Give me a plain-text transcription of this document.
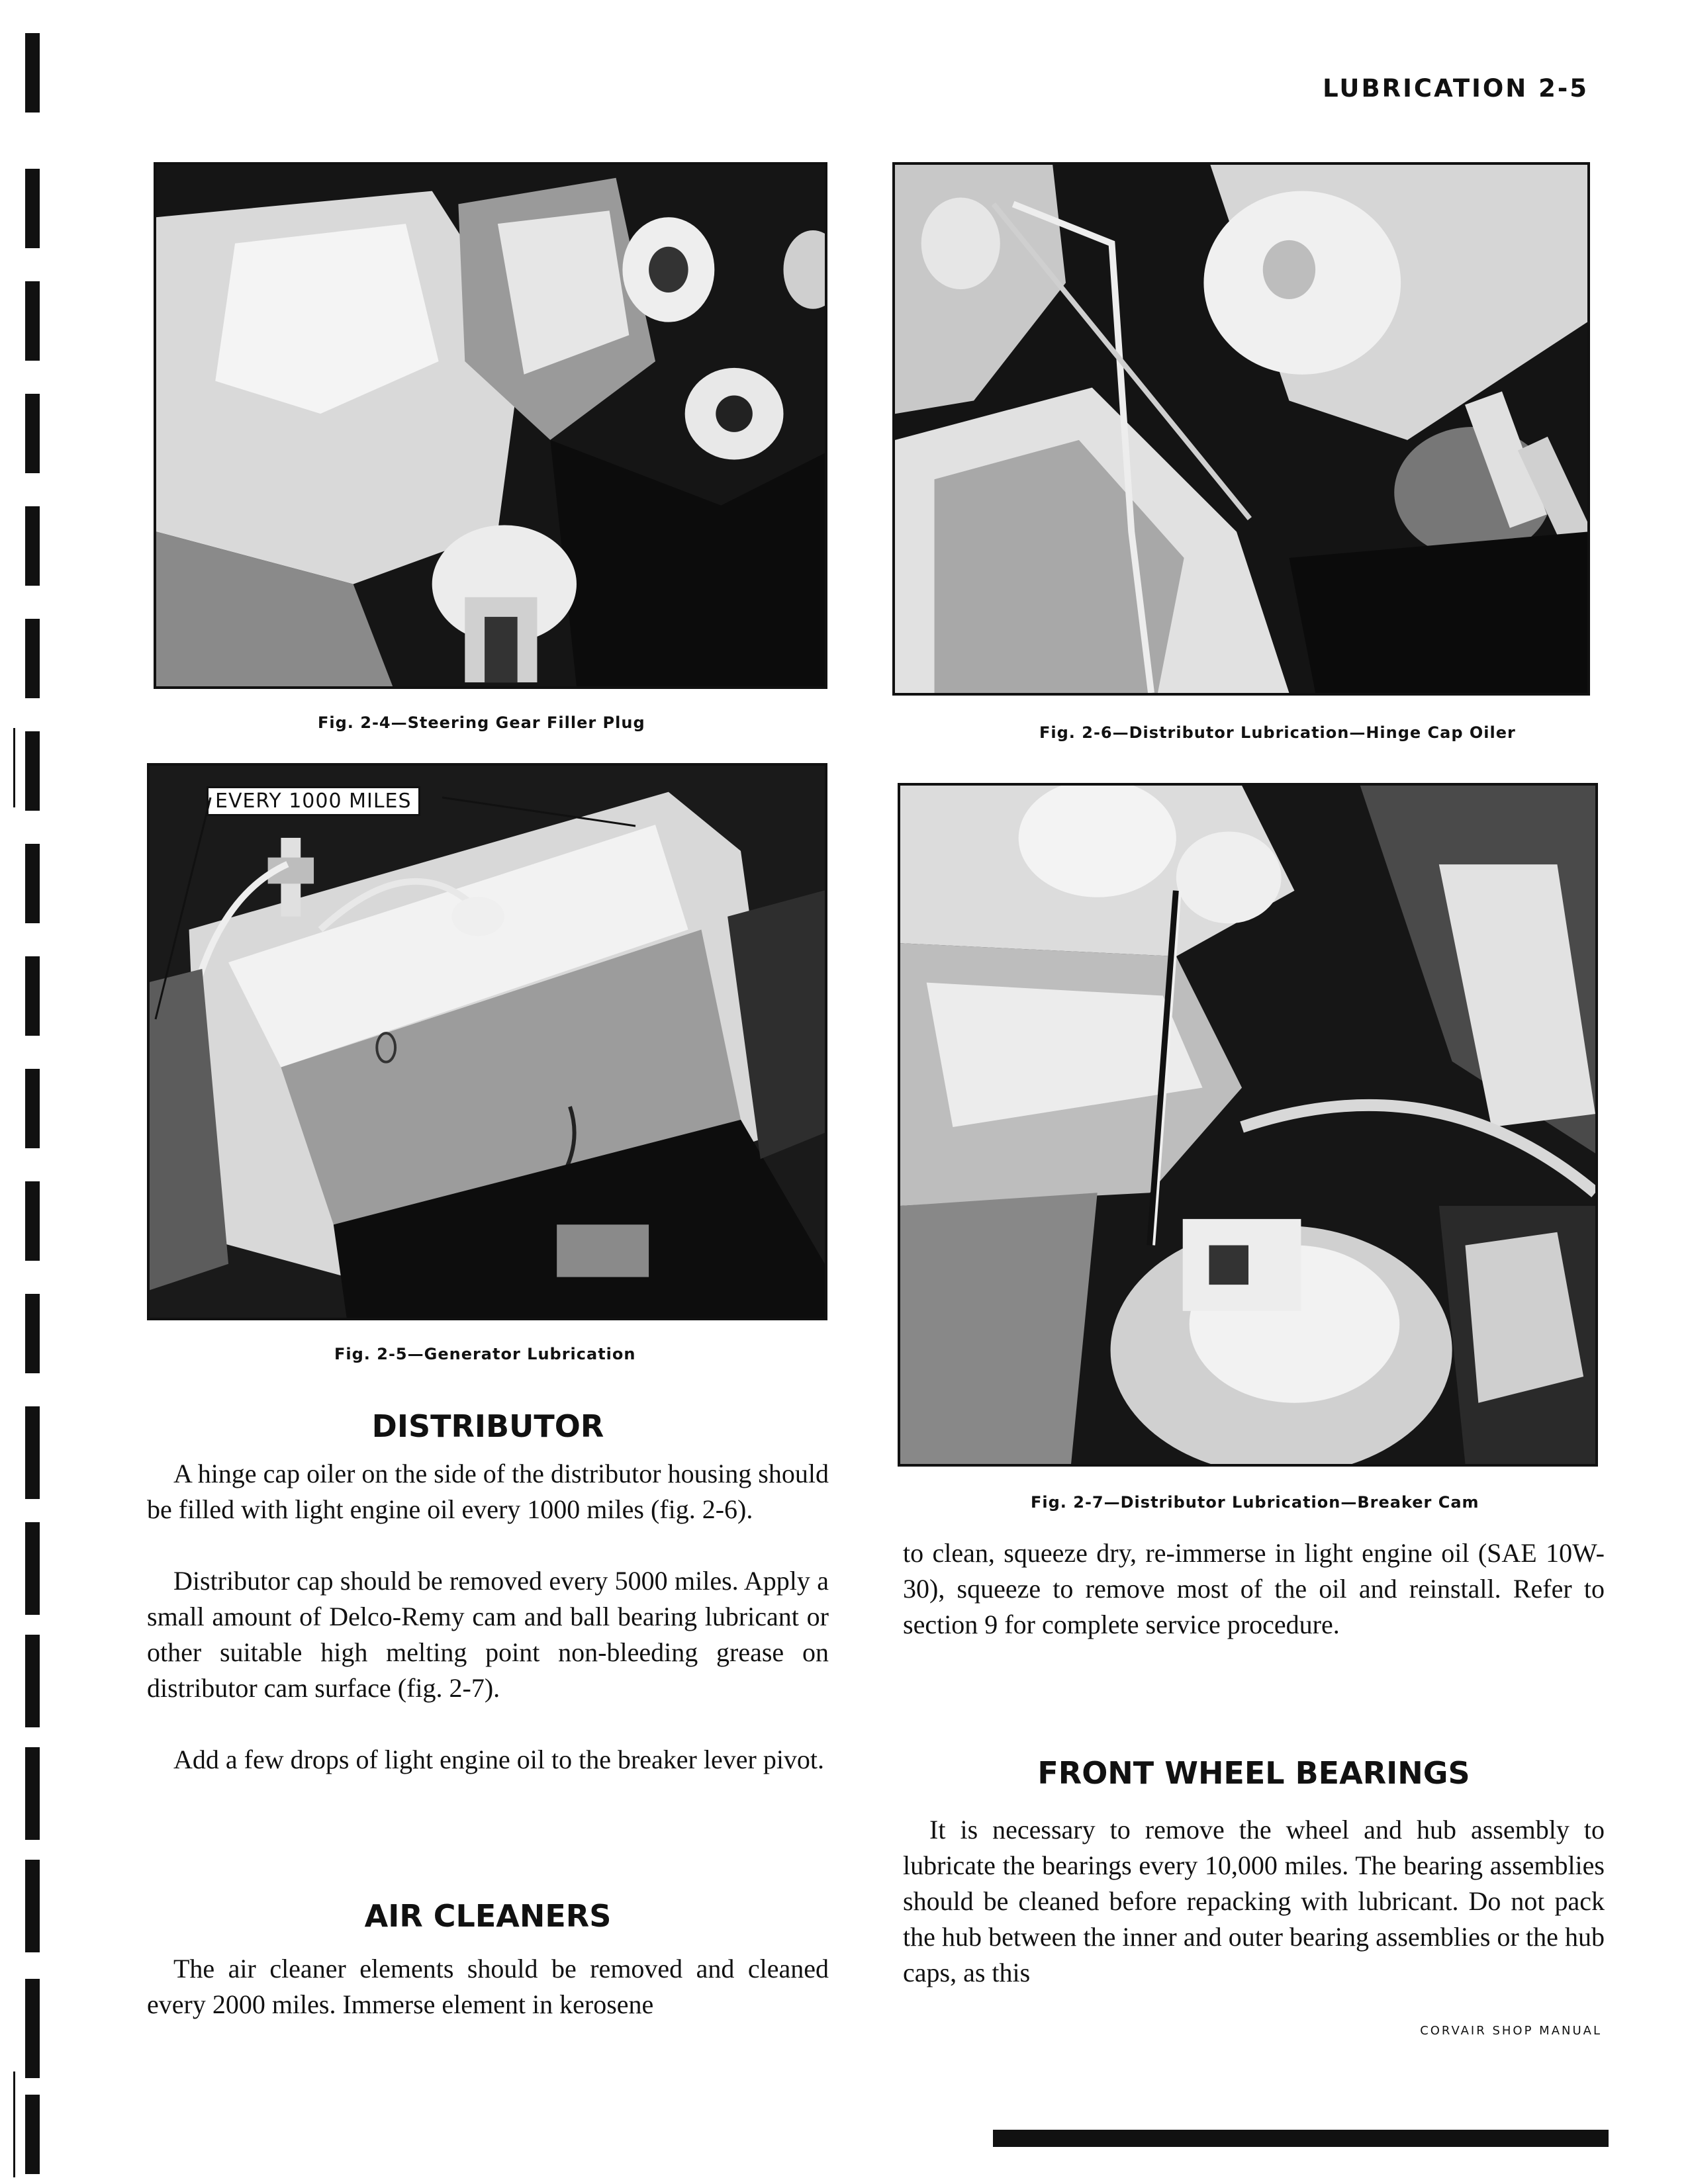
LUBRICATION 2-5
Fig. 2-4—Steering Gear Filler Plug
EVERY 1000 MILES
Fig. 2-5—Generator Lubrication
Fig. 2-6—Distributor Lubrication—Hinge Cap Oiler
Fig. 2-7—Distributor Lubrication—Breaker Cam
DISTRIBUTOR

A hinge cap oiler on the side of the distributor housing should be filled with light engine oil every 1000 miles (fig. 2-6).

Distributor cap should be removed every 5000 miles. Apply a small amount of Delco-Remy cam and ball bearing lubricant or other suitable high melting point non-bleeding grease on distributor cam surface (fig. 2-7).

Add a few drops of light engine oil to the breaker lever pivot.

AIR CLEANERS

The air cleaner elements should be removed and cleaned every 2000 miles. Immerse element in kerosene

to clean, squeeze dry, re-immerse in light engine oil (SAE 10W-30), squeeze to remove most of the oil and reinstall. Refer to section 9 for complete service procedure.

FRONT WHEEL BEARINGS

It is necessary to remove the wheel and hub assembly to lubricate the bearings every 10,000 miles. The bearing assemblies should be cleaned before repacking with lubricant. Do not pack the hub between the inner and outer bearing assemblies or the hub caps, as this

CORVAIR SHOP MANUAL
